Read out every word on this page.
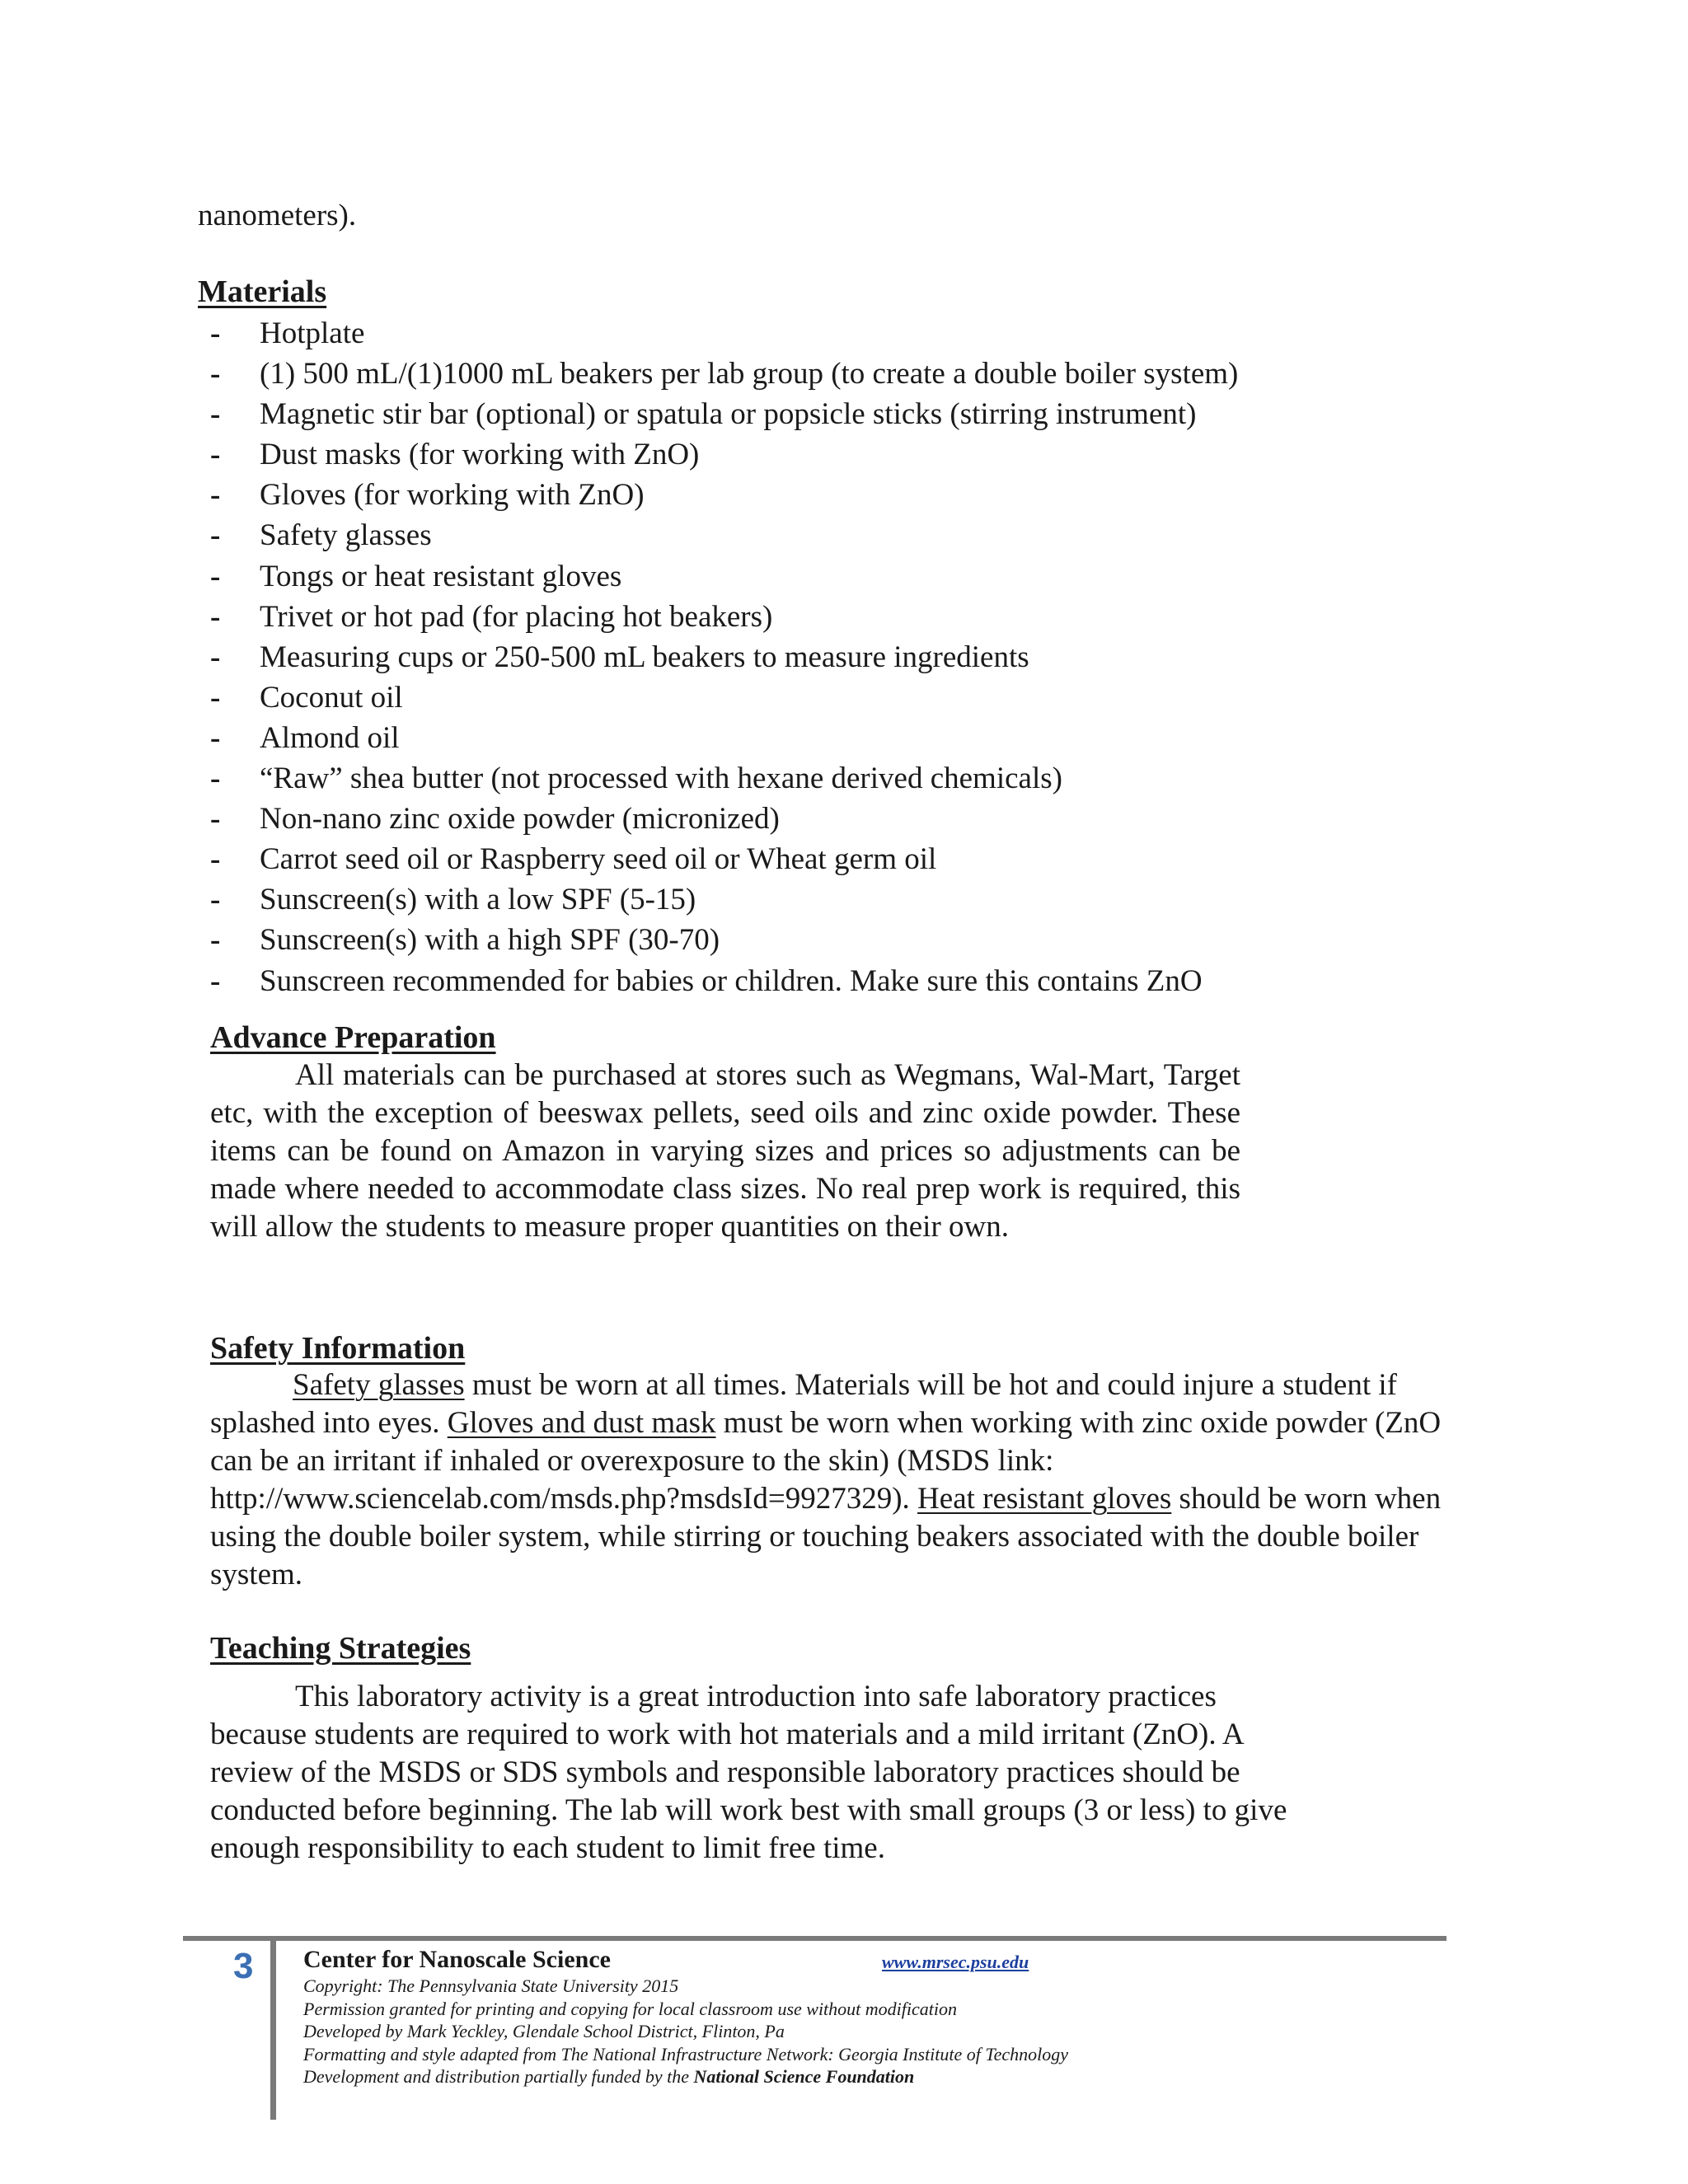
nanometers).
Materials
- Hotplate
- (1) 500 mL/(1)1000 mL beakers per lab group (to create a double boiler system)
- Magnetic stir bar (optional) or spatula or popsicle sticks (stirring instrument)
- Dust masks (for working with ZnO)
- Gloves (for working with ZnO)
- Safety glasses
- Tongs or heat resistant gloves
- Trivet or hot pad (for placing hot beakers)
- Measuring cups or 250-500 mL beakers to measure ingredients
- Coconut oil
- Almond oil
- “Raw” shea butter (not processed with hexane derived chemicals)
- Non-nano zinc oxide powder (micronized)
- Carrot seed oil or Raspberry seed oil or Wheat germ oil
- Sunscreen(s) with a low SPF (5-15)
- Sunscreen(s) with a high SPF (30-70)
- Sunscreen recommended for babies or children. Make sure this contains ZnO
Advance Preparation

All materials can be purchased at stores such as Wegmans, Wal-Mart, Target etc, with the exception of beeswax pellets, seed oils and zinc oxide powder. These items can be found on Amazon in varying sizes and prices so adjustments can be made where needed to accommodate class sizes. No real prep work is required, this will allow the students to measure proper quantities on their own.

Safety Information

Safety glasses must be worn at all times. Materials will be hot and could injure a student if splashed into eyes. Gloves and dust mask must be worn when working with zinc oxide powder (ZnO can be an irritant if inhaled or overexposure to the skin) (MSDS link: http://www.sciencelab.com/msds.php?msdsId=9927329). Heat resistant gloves should be worn when using the double boiler system, while stirring or touching beakers associated with the double boiler system.

Teaching Strategies

This laboratory activity is a great introduction into safe laboratory practices because students are required to work with hot materials and a mild irritant (ZnO). A review of the MSDS or SDS symbols and responsible laboratory practices should be conducted before beginning. The lab will work best with small groups (3 or less) to give enough responsibility to each student to limit free time.

3 Center for Nanoscale Science	www.mrsec.psu.edu
Copyright: The Pennsylvania State University 2015
Permission granted for printing and copying for local classroom use without modification
Developed by Mark Yeckley, Glendale School District, Flinton, Pa
Formatting and style adapted from The National Infrastructure Network: Georgia Institute of Technology
Development and distribution partially funded by the National Science Foundation
